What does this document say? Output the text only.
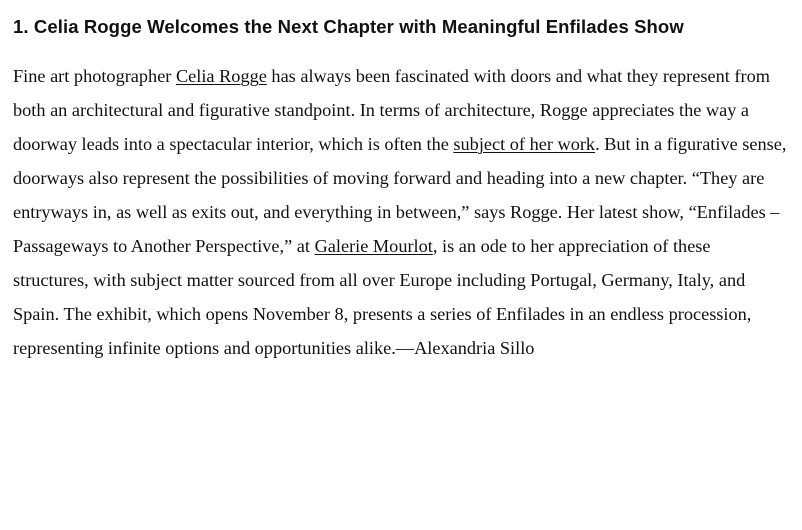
1. Celia Rogge Welcomes the Next Chapter with Meaningful Enfilades Show

Fine art photographer Celia Rogge has always been fascinated with doors and what they represent from both an architectural and figurative standpoint. In terms of architecture, Rogge appreciates the way a doorway leads into a spectacular interior, which is often the subject of her work. But in a figurative sense, doorways also represent the possibilities of moving forward and heading into a new chapter. “They are entryways in, as well as exits out, and everything in between,” says Rogge. Her latest show, “Enfilades – Passageways to Another Perspective,” at Galerie Mourlot, is an ode to her appreciation of these structures, with subject matter sourced from all over Europe including Portugal, Germany, Italy, and Spain. The exhibit, which opens November 8, presents a series of Enfilades in an endless procession, representing infinite options and opportunities alike.—Alexandria Sillo
